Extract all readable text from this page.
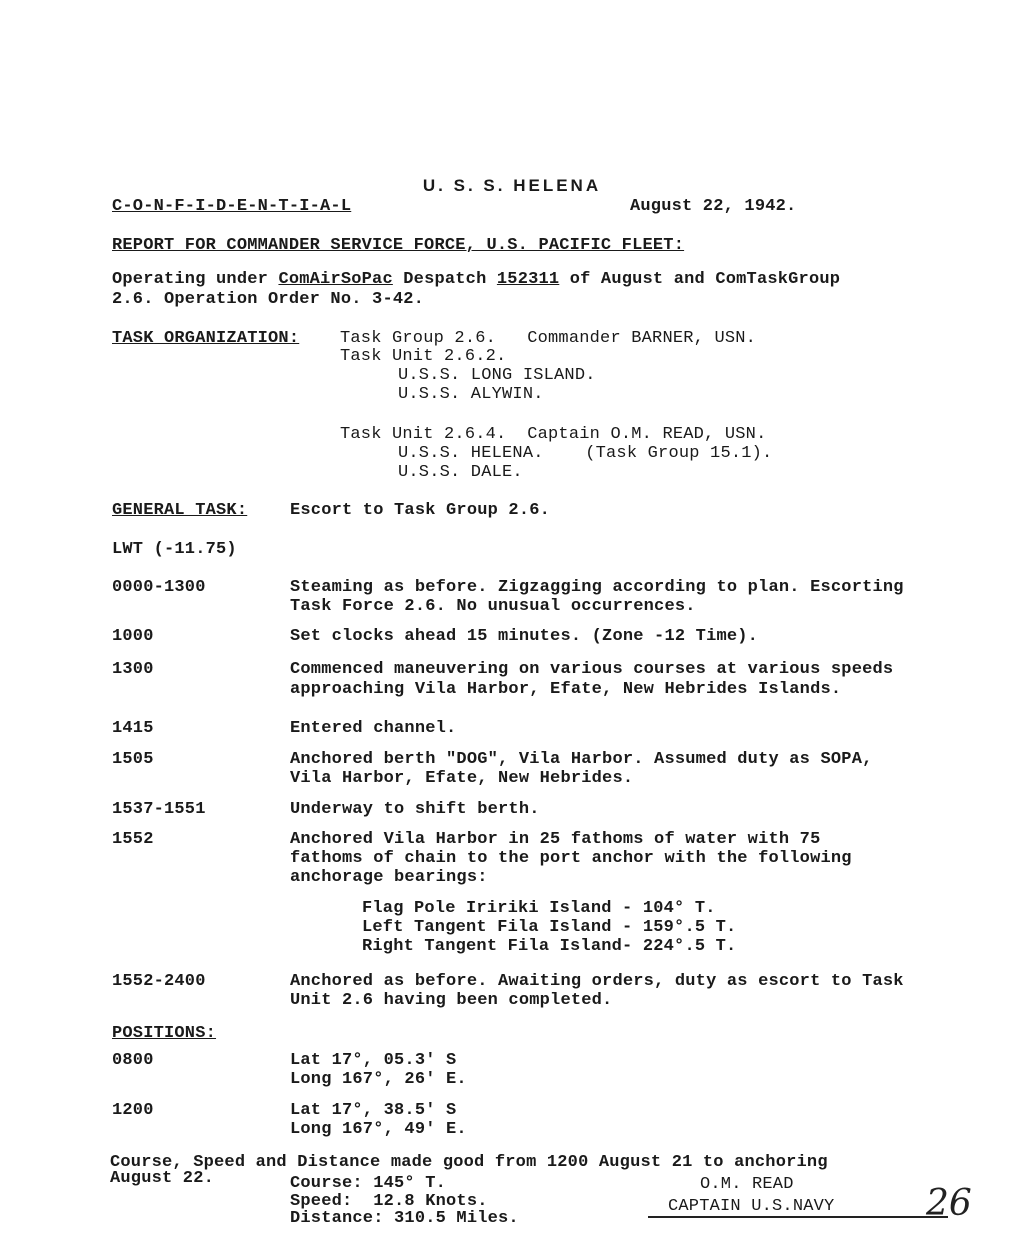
U. S. S. HELENA
C-O-N-F-I-D-E-N-T-I-A-L	August 22, 1942.
REPORT FOR COMMANDER SERVICE FORCE, U.S. PACIFIC FLEET:
Operating under ComAirSoPac Despatch 152311 of August and ComTaskGroup
2.6. Operation Order No. 3-42.
TASK ORGANIZATION: Task Group 2.6.   Commander BARNER, USN.
Task Unit 2.6.2.
U.S.S. LONG ISLAND.
U.S.S. ALYWIN.
Task Unit 2.6.4.  Captain O.M. READ, USN.
U.S.S. HELENA.    (Task Group 15.1).
U.S.S. DALE.
GENERAL TASK:	Escort to Task Group 2.6.
LWT (-11.75)
0000-1300	Steaming as before. Zigzagging according to plan. Escorting
Task Force 2.6. No unusual occurrences.
1000	Set clocks ahead 15 minutes. (Zone -12 Time).
1300	Commenced maneuvering on various courses at various speeds
approaching Vila Harbor, Efate, New Hebrides Islands.
1415	Entered channel.
1505	Anchored berth "DOG", Vila Harbor. Assumed duty as SOPA,
Vila Harbor, Efate, New Hebrides.
1537-1551	Underway to shift berth.
1552	Anchored Vila Harbor in 25 fathoms of water with 75
fathoms of chain to the port anchor with the following
anchorage bearings:
Flag Pole Iririki Island - 104° T.
Left Tangent Fila Island - 159°.5 T.
Right Tangent Fila Island- 224°.5 T.
1552-2400	Anchored as before. Awaiting orders, duty as escort to Task
Unit 2.6 having been completed.
POSITIONS:
0800	Lat 17°, 05.3' S
Long 167°, 26' E.
1200	Lat 17°, 38.5' S
Long 167°, 49' E.
Course, Speed and Distance made good from 1200 August 21 to anchoring
August 22.	Course: 145° T.
Speed:  12.8 Knots.
Distance: 310.5 Miles.
O.M. READ
CAPTAIN U.S.NAVY	26
